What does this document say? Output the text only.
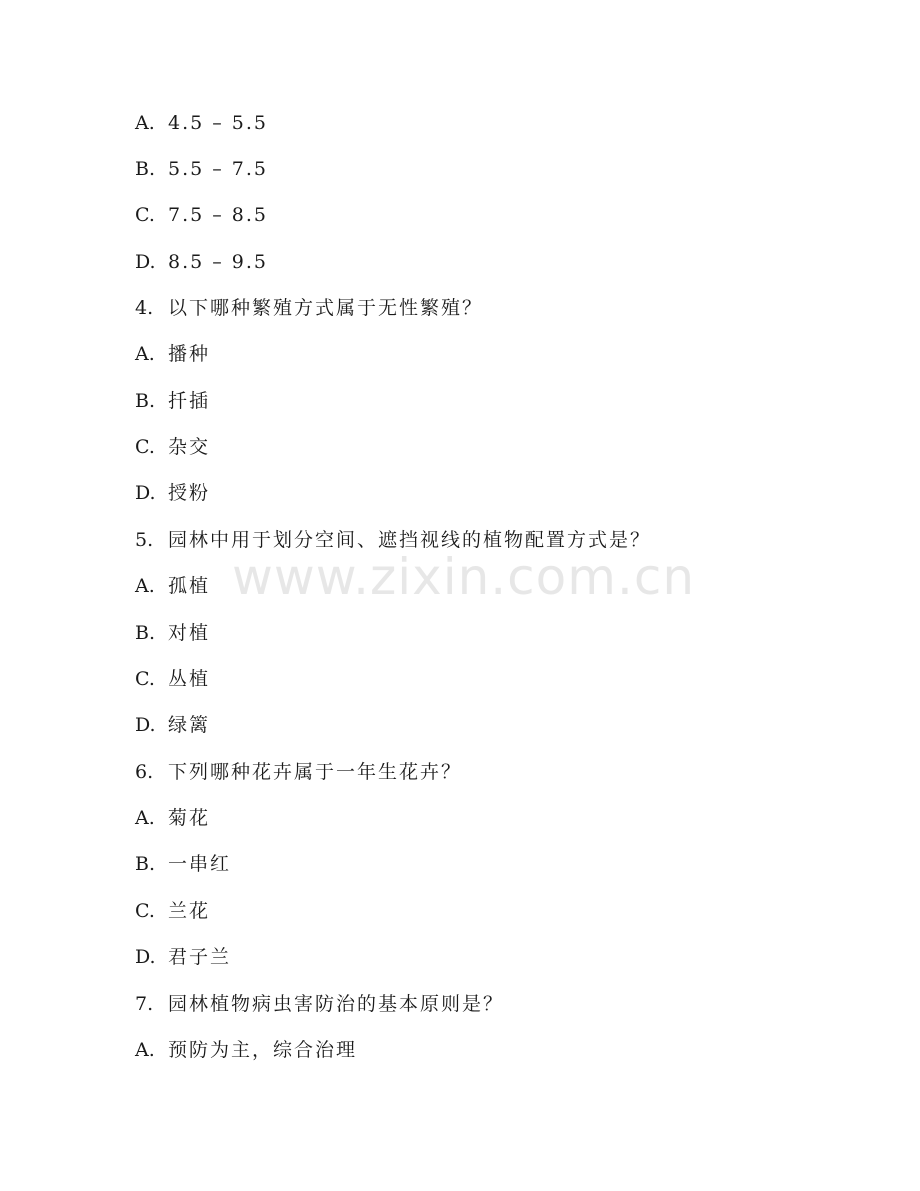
A. 4.5 – 5.5
B. 5.5 – 7.5
C. 7.5 – 8.5
D. 8.5 – 9.5
4. 以下哪种繁殖方式属于无性繁殖？
A. 播种
B. 扦插
C. 杂交
D. 授粉
5. 园林中用于划分空间、遮挡视线的植物配置方式是？
A. 孤植
B. 对植
C. 丛植
D. 绿篱
6. 下列哪种花卉属于一年生花卉？
A. 菊花
B. 一串红
C. 兰花
D. 君子兰
7. 园林植物病虫害防治的基本原则是？
A. 预防为主，综合治理
www.zixin.com.cn
